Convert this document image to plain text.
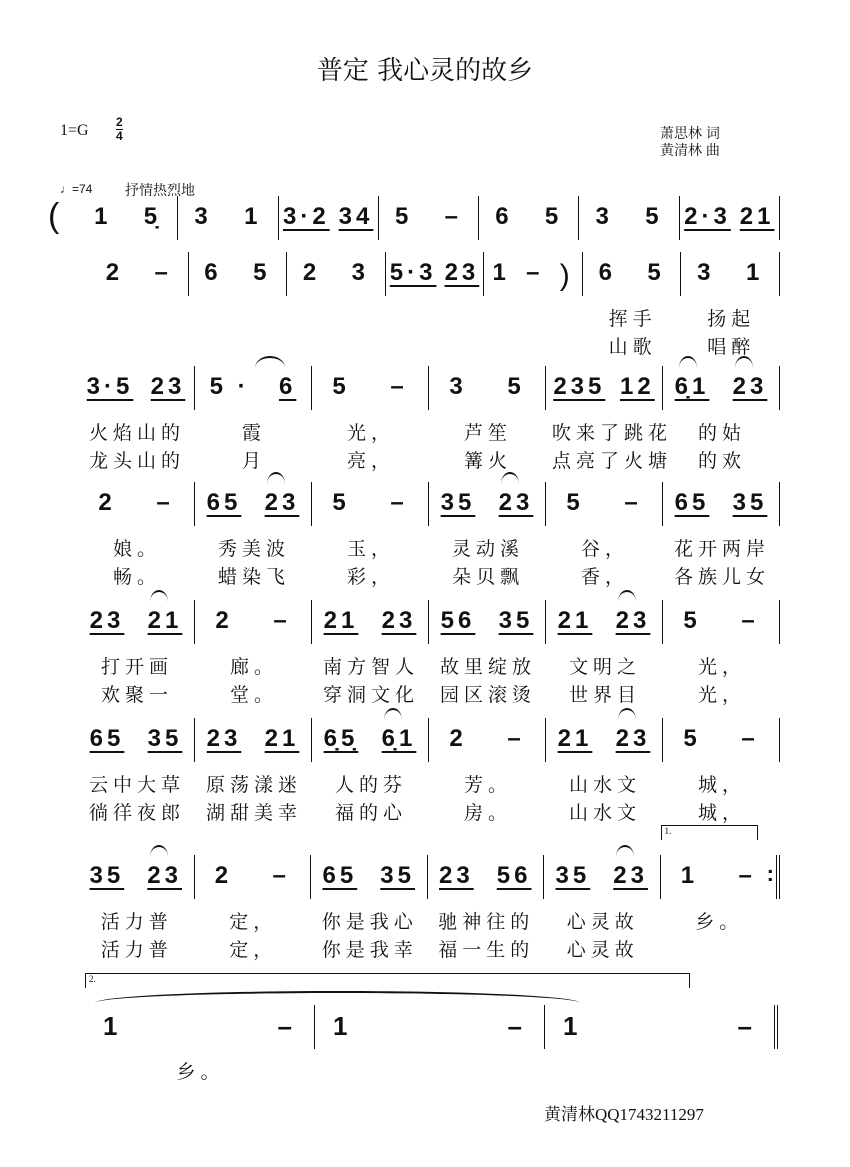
普定 我心灵的故乡
$1=G \frac{2}{4}$	萧思林 词
黄清林 曲
♩=74 抒情热烈地
( 1 5̣ 3 1 3·2 34 5 – 6 5 3 5 2·3 21
2 – 6 5 2 3 5·3 23 1 – ) 6 5
挥手
山歌
3 1
扬起
唱醉
3·5 23
火焰山的
龙头山的
5 · 6
霞
月
5 –
光，
亮，
3 5
芦笙
篝火
235 12
吹来了跳花
点亮了火塘
6̣1 23
的姑
的欢
2 –
娘。
畅。
65 23
秀美波
蜡染飞
5 –
玉，
彩，
35 23
灵动溪
朵贝飘
5 –
谷，
香，
65 35
花开两岸
各族儿女
23 21
打开画
欢聚一
2 –
廊。
堂。
21 23
南方智人
穿洞文化
56 35
故里绽放
园区滚烫
21 23
文明之
世界目
5 –
光，
光，
65 35
云中大草
徜徉夜郎
23 21
原荡漾迷
湖甜美幸
6̣5̣ 6̣1
人的芬
福的心
2 –
芳。
房。
21 23
山水文
山水文
5 –
城，
城，
35 23
活力普
活力普
2 –
定，
定，
65 35
你是我心
你是我幸
23 56
驰神往的
福一生的
35 23
心灵故
心灵故
1 –
乡。
1.
:
2.
1	–
乡。
1	– 1	–
黄清林QQ1743211297
